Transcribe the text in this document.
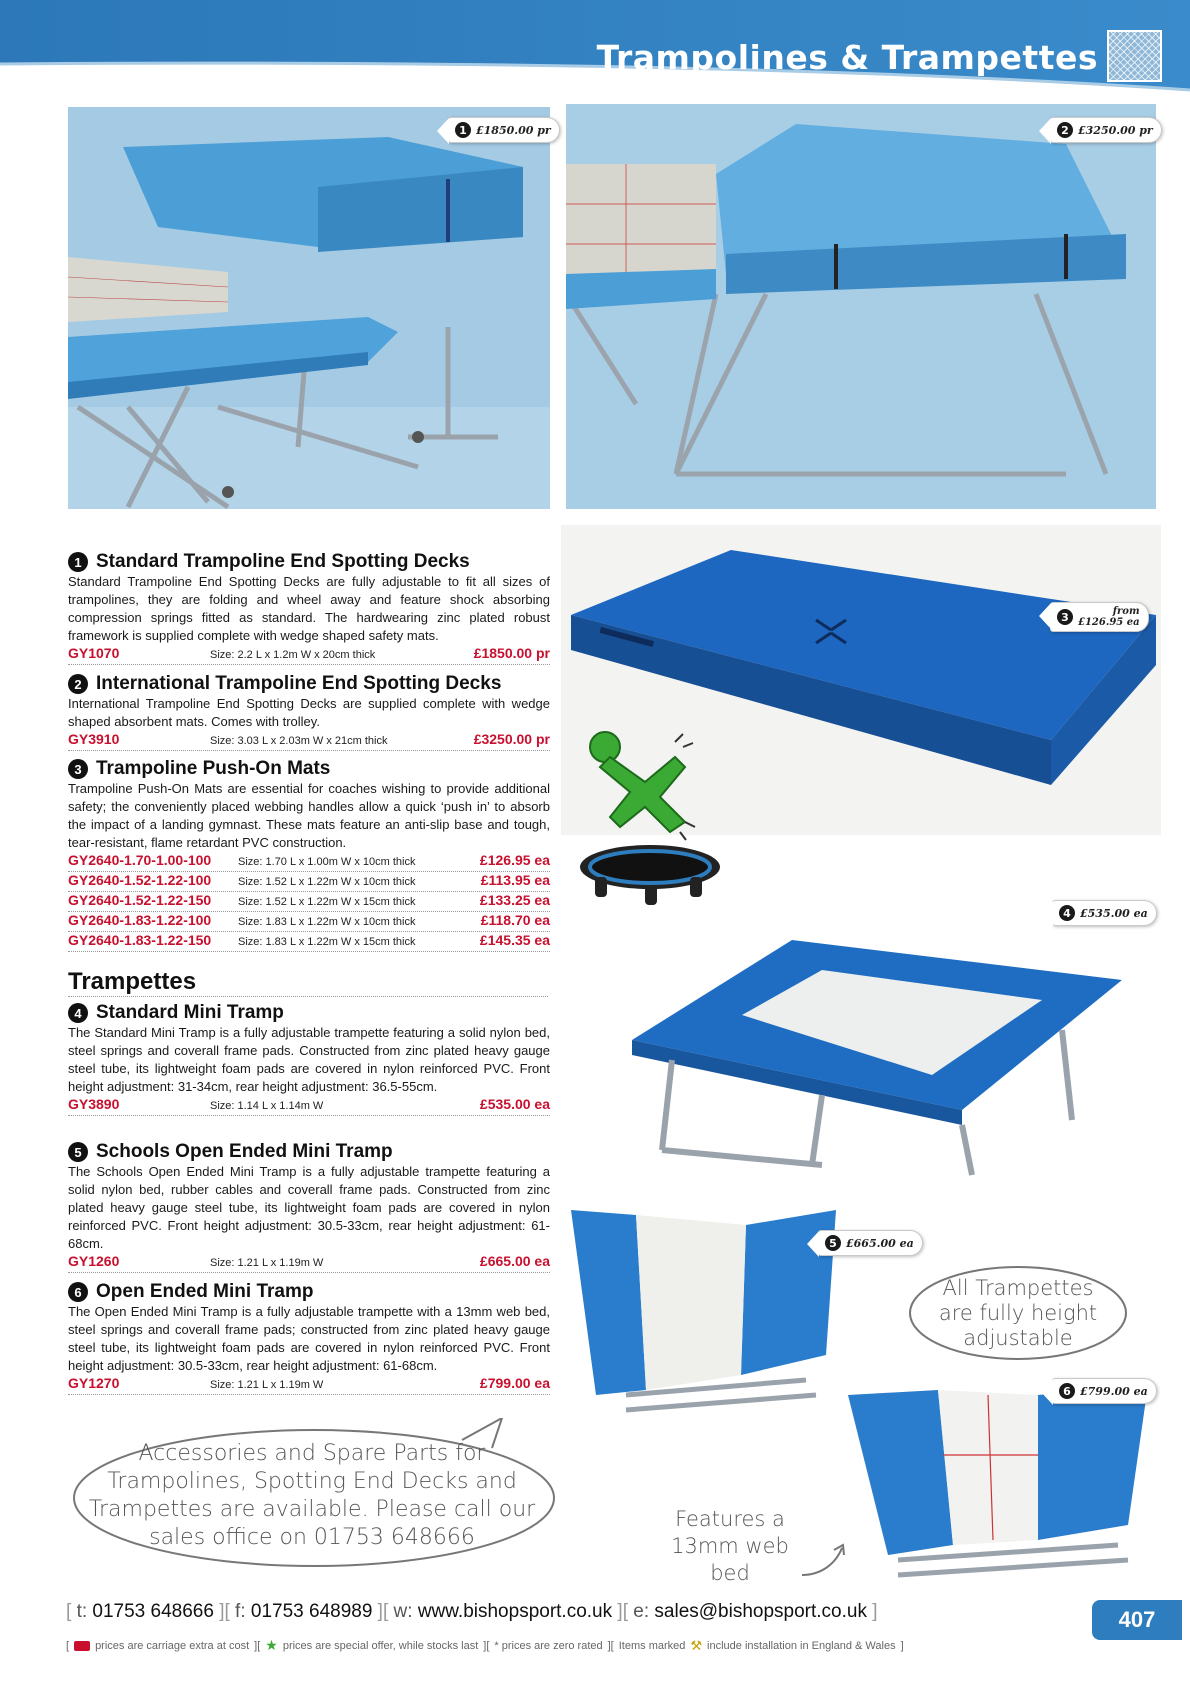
Trampolines & Trampettes
1 £1850.00 pr	2 £3250.00 pr
3	from
£126.95 ea
4 £535.00 ea
5 £665.00 ea
6 £799.00 ea
1 Standard Trampoline End Spotting Decks
Standard Trampoline End Spotting Decks are fully adjustable to fit all sizes of trampolines, they are folding and wheel away and feature shock absorbing compression springs fitted as standard. The hardwearing zinc plated robust framework is supplied complete with wedge shaped safety mats.
GY1070	Size: 2.2 L x 1.2m W x 20cm thick	£1850.00 pr
2 International Trampoline End Spotting Decks
International Trampoline End Spotting Decks are supplied complete with wedge shaped absorbent mats. Comes with trolley.
GY3910	Size: 3.03 L x 2.03m W x 21cm thick	£3250.00 pr
3 Trampoline Push-On Mats
Trampoline Push-On Mats are essential for coaches wishing to provide additional safety; the conveniently placed webbing handles allow a quick ‘push in’ to absorb the impact of a landing gymnast. These mats feature an anti-slip base and tough, tear-resistant, flame retardant PVC construction.
GY2640-1.70-1.00-100	Size: 1.70 L x 1.00m W x 10cm thick	£126.95 ea
GY2640-1.52-1.22-100	Size: 1.52 L x 1.22m W x 10cm thick	£113.95 ea
GY2640-1.52-1.22-150	Size: 1.52 L x 1.22m W x 15cm thick	£133.25 ea
GY2640-1.83-1.22-100	Size: 1.83 L x 1.22m W x 10cm thick	£118.70 ea
GY2640-1.83-1.22-150	Size: 1.83 L x 1.22m W x 15cm thick	£145.35 ea
Trampettes
4 Standard Mini Tramp
The Standard Mini Tramp is a fully adjustable trampette featuring a solid nylon bed, steel springs and coverall frame pads. Constructed from zinc plated heavy gauge steel tube, its lightweight foam pads are covered in nylon reinforced PVC. Front height adjustment: 31-34cm, rear height adjustment: 36.5-55cm.
GY3890	Size: 1.14 L x 1.14m W	£535.00 ea
5 Schools Open Ended Mini Tramp
The Schools Open Ended Mini Tramp is a fully adjustable trampette featuring a solid nylon bed, rubber cables and coverall frame pads. Constructed from zinc plated heavy gauge steel tube, its lightweight foam pads are covered in nylon reinforced PVC. Front height adjustment: 30.5-33cm, rear height adjustment: 61-68cm.
GY1260	Size: 1.21 L x 1.19m W	£665.00 ea
6 Open Ended Mini Tramp
The Open Ended Mini Tramp is a fully adjustable trampette with a 13mm web bed, steel springs and coverall frame pads; constructed from zinc plated heavy gauge steel tube, its lightweight foam pads are covered in nylon reinforced PVC. Front height adjustment: 30.5-33cm, rear height adjustment: 61-68cm.
GY1270	Size: 1.21 L x 1.19m W	£799.00 ea
Accessories and Spare Parts for
Trampolines, Spotting End Decks and
Trampettes are available. Please call our
sales office on 01753 648666
All Trampettes
are fully height
adjustable
Features a
13mm web
bed
[ t: 01753 648666 ][ f: 01753 648989 ][ w: www.bishopsport.co.uk ][ e: sales@bishopsport.co.uk ]
[ prices are carriage extra at cost ][ ★ prices are special offer, while stocks last ][ * prices are zero rated ][ Items marked ⚒ include installation in England & Wales ]
407
